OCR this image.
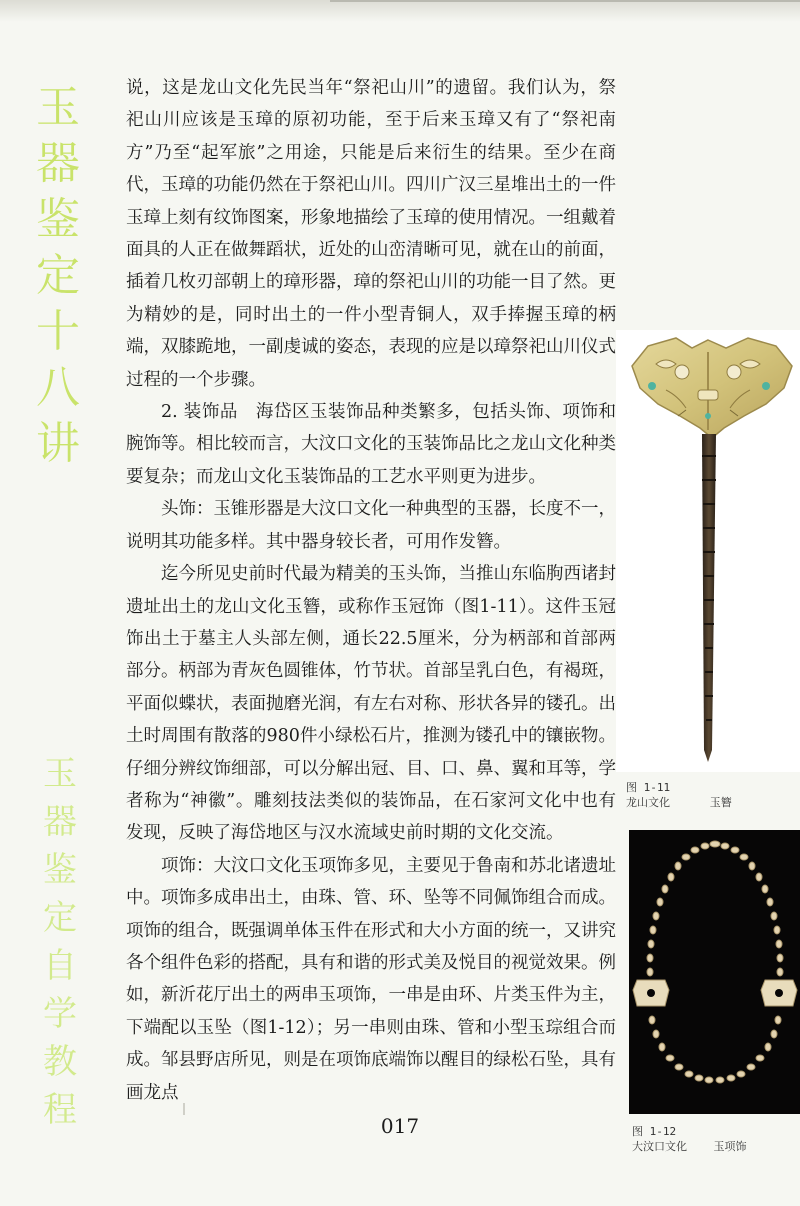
玉
器
鉴
定
十
八
讲
玉
器
鉴
定
自
学
教
程

说，这是龙山文化先民当年“祭祀山川”的遗留。我们认为，祭祀山川应该是玉璋的原初功能，至于后来玉璋又有了“祭祀南方”乃至“起军旅”之用途，只能是后来衍生的结果。至少在商代，玉璋的功能仍然在于祭祀山川。四川广汉三星堆出土的一件玉璋上刻有纹饰图案，形象地描绘了玉璋的使用情况。一组戴着面具的人正在做舞蹈状，近处的山峦清晰可见，就在山的前面，插着几枚刃部朝上的璋形器，璋的祭祀山川的功能一目了然。更为精妙的是，同时出土的一件小型青铜人，双手捧握玉璋的柄端，双膝跪地，一副虔诚的姿态，表现的应是以璋祭祀山川仪式过程的一个步骤。

2. 装饰品　海岱区玉装饰品种类繁多，包括头饰、项饰和腕饰等。相比较而言，大汶口文化的玉装饰品比之龙山文化种类要复杂；而龙山文化玉装饰品的工艺水平则更为进步。

头饰：玉锥形器是大汶口文化一种典型的玉器，长度不一，说明其功能多样。其中器身较长者，可用作发簪。

迄今所见史前时代最为精美的玉头饰，当推山东临朐西诸封遗址出土的龙山文化玉簪，或称作玉冠饰（图1-11）。这件玉冠饰出土于墓主人头部左侧，通长22.5厘米，分为柄部和首部两部分。柄部为青灰色圆锥体，竹节状。首部呈乳白色，有褐斑，平面似蝶状，表面抛磨光润，有左右对称、形状各异的镂孔。出土时周围有散落的980件小绿松石片，推测为镂孔中的镶嵌物。仔细分辨纹饰细部，可以分解出冠、目、口、鼻、翼和耳等，学者称为“神徽”。雕刻技法类似的装饰品，在石家河文化中也有发现，反映了海岱地区与汉水流域史前时期的文化交流。

项饰：大汶口文化玉项饰多见，主要见于鲁南和苏北诸遗址中。项饰多成串出土，由珠、管、环、坠等不同佩饰组合而成。项饰的组合，既强调单体玉件在形式和大小方面的统一，又讲究各个组件色彩的搭配，具有和谐的形式美及悦目的视觉效果。例如，新沂花厅出土的两串玉项饰，一串是由环、片类玉件为主，下端配以玉坠（图1-12）；另一串则由珠、管和小型玉琮组合而成。邹县野店所见，则是在项饰底端饰以醒目的绿松石坠，具有画龙点

图 1-11
龙山文化	玉簪
图 1-12
大汶口文化 玉项饰
017
